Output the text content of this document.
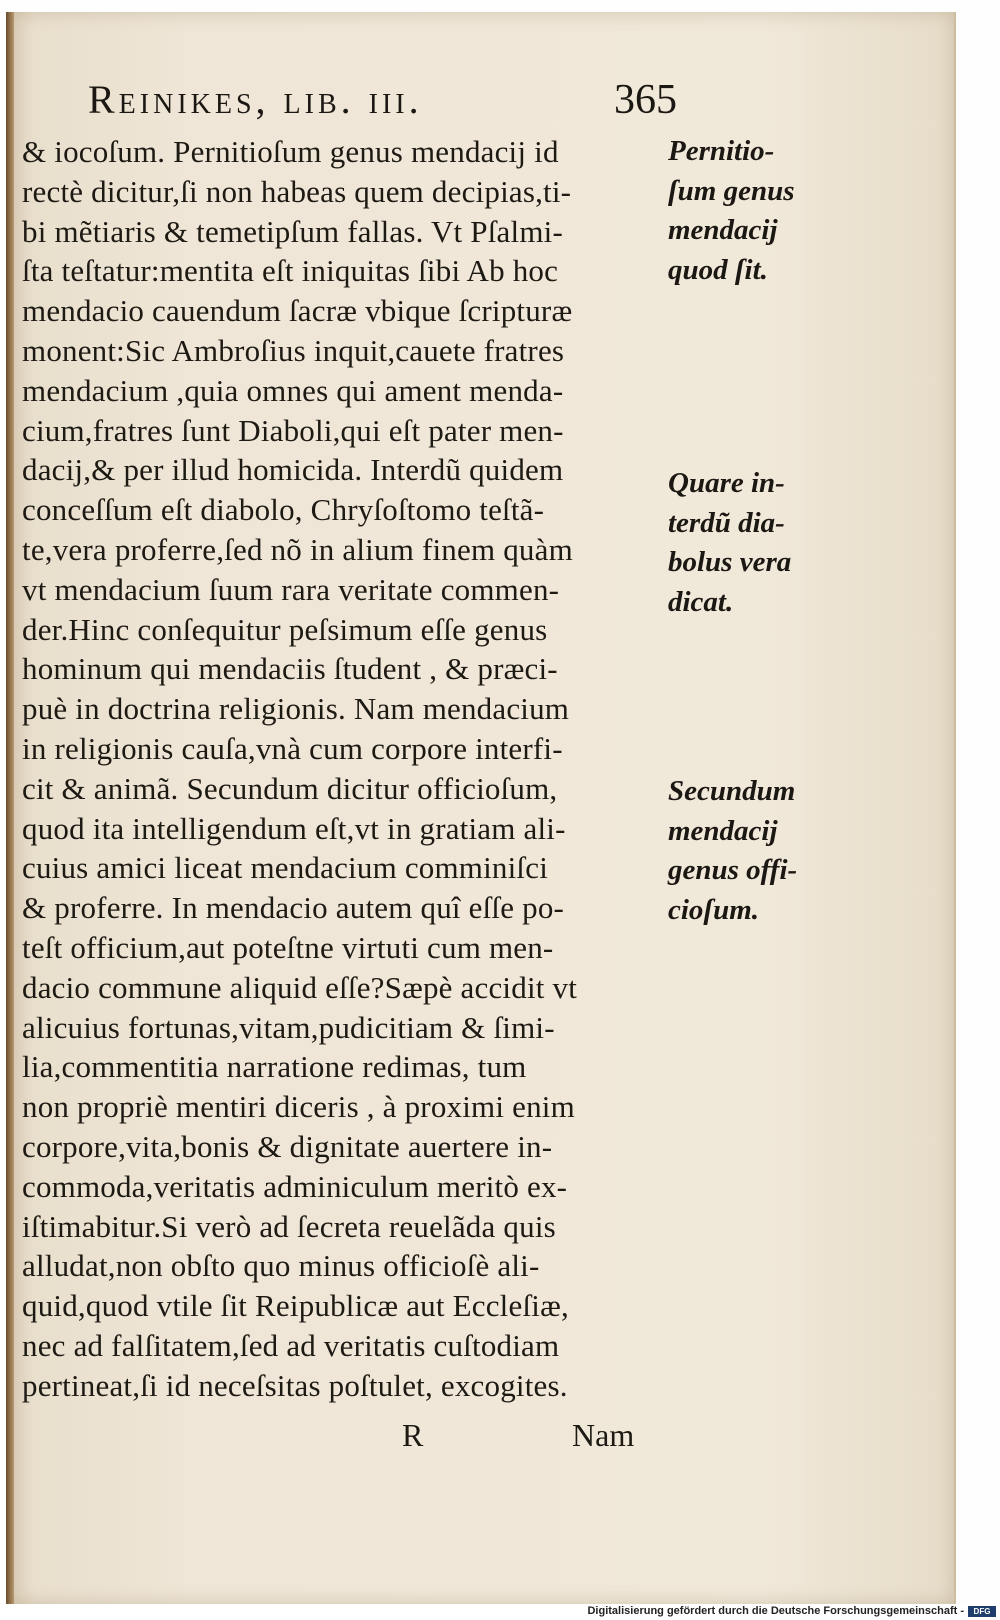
Reinikes, lib. iii.	365
& iocoſum. Pernitioſum genus mendacij id
rectè dicitur,ſi non habeas quem decipias,ti-
bi mẽtiaris & temetipſum fallas. Vt Pſalmi-
ſta teſtatur:mentita eſt iniquitas ſibi Ab hoc
mendacio cauendum ſacræ vbique ſcripturæ
monent:Sic Ambroſius inquit,cauete fratres
mendacium ,quia omnes qui ament menda-
cium,fratres ſunt Diaboli,qui eſt pater men-
dacij,& per illud homicida. Interdũ quidem
conceſſum eſt diabolo, Chryſoſtomo teſtã-
te,vera proferre,ſed nõ in alium finem quàm
vt mendacium ſuum rara veritate commen-
der.Hinc conſequitur peſsimum eſſe genus
hominum qui mendaciis ſtudent , & præci-
puè in doctrina religionis. Nam mendacium
in religionis cauſa,vnà cum corpore interfi-
cit & animã. Secundum dicitur officioſum,
quod ita intelligendum eſt,vt in gratiam ali-
cuius amici liceat mendacium comminiſci
& proferre. In mendacio autem quî eſſe po-
teſt officium,aut poteſtne virtuti cum men-
dacio commune aliquid eſſe?Sæpè accidit vt
alicuius fortunas,vitam,pudicitiam & ſimi-
lia,commentitia narratione redimas, tum
non propriè mentiri diceris , à proximi enim
corpore,vita,bonis & dignitate auertere in-
commoda,veritatis adminiculum meritò ex-
iſtimabitur.Si verò ad ſecreta reuelãda quis
alludat,non obſto quo minus officioſè ali-
quid,quod vtile ſit Reipublicæ aut Eccleſiæ,
nec ad falſitatem,ſed ad veritatis cuſtodiam
pertineat,ſi id neceſsitas poſtulet, excogites.
Pernitio-
ſum genus
mendacij
quod ſit.
Quare in-
terdũ dia-
bolus vera
dicat.
Secundum
mendacij
genus offi-
cioſum.
R	Nam
Digitalisierung gefördert durch die Deutsche Forschungsgemeinschaft -	DFG
